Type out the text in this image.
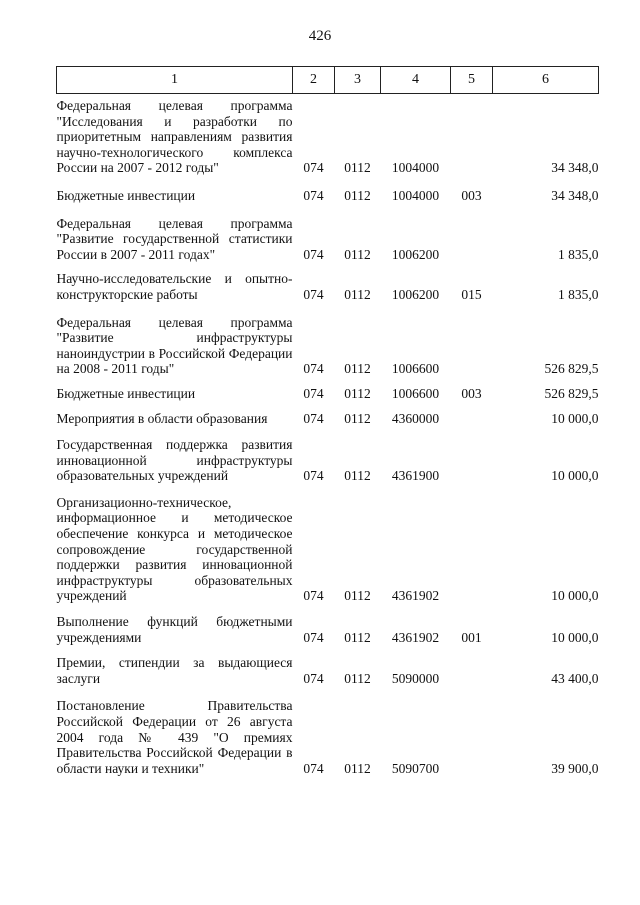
426
1	2	3	4	5	6

Федеральная целевая программа "Исследования и разработки по приоритетным направлениям развития научно-технологического комплекса России на 2007 - 2012 годы"	074	0112	1004000		34 348,0

Бюджетные инвестиции	074	0112	1004000	003	34 348,0

Федеральная целевая программа "Развитие государственной статистики России в 2007 - 2011 годах"	074	0112	1006200		1 835,0

Научно-исследовательские и опытно-конструкторские работы	074	0112	1006200	015	1 835,0

Федеральная целевая программа "Развитие инфраструктуры наноиндустрии в Российской Федерации на 2008 - 2011 годы"	074	0112	1006600		526 829,5

Бюджетные инвестиции	074	0112	1006600	003	526 829,5

Мероприятия в области образования	074	0112	4360000		10 000,0

Государственная поддержка развития инновационной инфраструктуры образовательных учреждений	074	0112	4361900		10 000,0

Организационно-техническое, информационное и методическое обеспечение конкурса и методическое сопровождение государственной поддержки развития инновационной инфраструктуры образовательных учреждений	074	0112	4361902		10 000,0

Выполнение функций бюджетными учреждениями	074	0112	4361902	001	10 000,0

Премии, стипендии за выдающиеся заслуги	074	0112	5090000		43 400,0

Постановление Правительства Российской Федерации от 26 августа 2004 года № 439 "О премиях Правительства Российской Федерации в области науки и техники"	074	0112	5090700		39 900,0
